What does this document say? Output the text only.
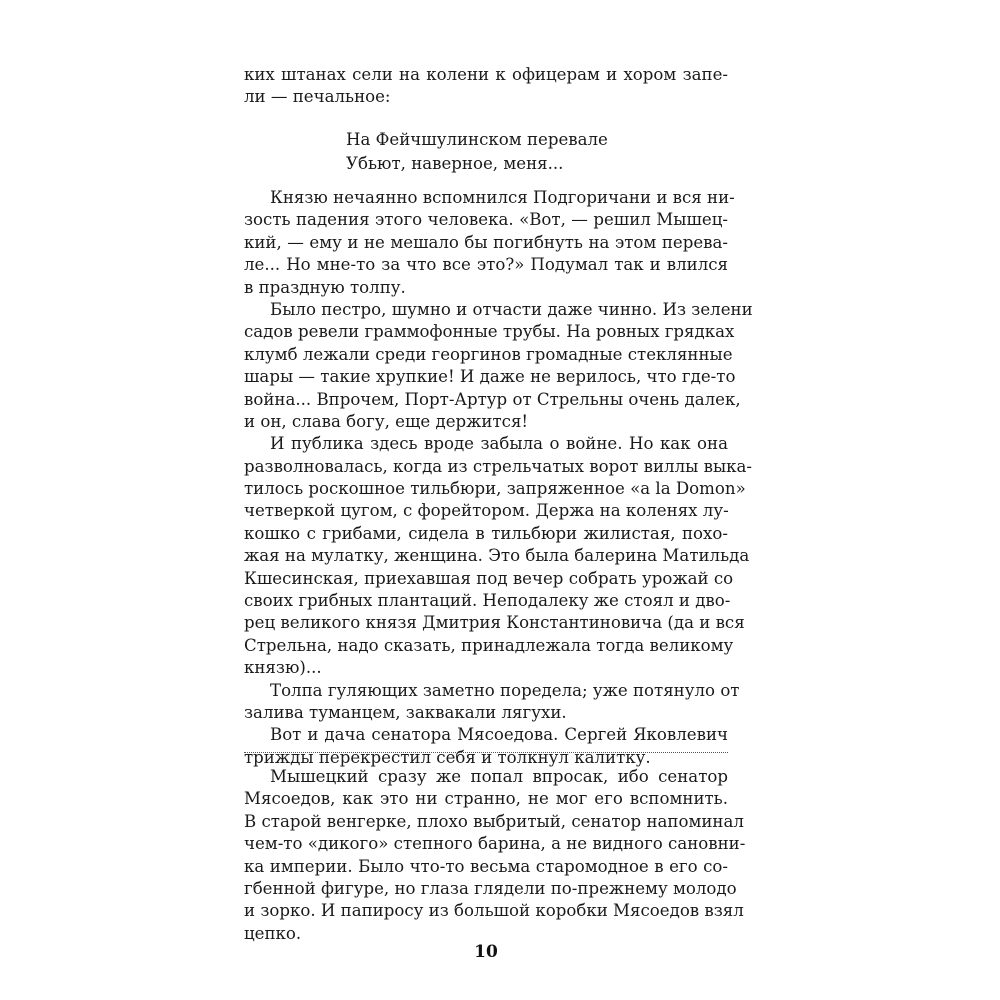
ких штанах сели на колени к офицерам и хором запе-
ли — печальное:
На Фейчшулинском перевале
Убьют, наверное, меня...
Князю нечаянно вспомнился Подгоричани и вся ни-
зость падения этого человека. «Вот, — решил Мышец-
кий, — ему и не мешало бы погибнуть на этом перева-
ле... Но мне-то за что все это?» Подумал так и влился
в праздную толпу.
Было пестро, шумно и отчасти даже чинно. Из зелени
садов ревели граммофонные трубы. На ровных грядках
клумб лежали среди георгинов громадные стеклянные
шары — такие хрупкие! И даже не верилось, что где-то
война... Впрочем, Порт-Артур от Стрельны очень далек,
и он, слава богу, еще держится!
И публика здесь вроде забыла о войне. Но как она
разволновалась, когда из стрельчатых ворот виллы выка-
тилось роскошное тильбюри, запряженное «а la Domon»
четверкой цугом, с форейтором. Держа на коленях лу-
кошко с грибами, сидела в тильбюри жилистая, похо-
жая на мулатку, женщина. Это была балерина Матильда
Кшесинская, приехавшая под вечер собрать урожай со
своих грибных плантаций. Неподалеку же стоял и дво-
рец великого князя Дмитрия Константиновича (да и вся
Стрельна, надо сказать, принадлежала тогда великому
князю)...
Толпа гуляющих заметно поредела; уже потянуло от
залива туманцем, заквакали лягухи.
Вот и дача сенатора Мясоедова. Сергей Яковлевич
трижды перекрестил себя и толкнул калитку.
Мышецкий сразу же попал впросак, ибо сенатор
Мясоедов, как это ни странно, не мог его вспомнить.
В старой венгерке, плохо выбритый, сенатор напоминал
чем-то «дикого» степного барина, а не видного сановни-
ка империи. Было что-то весьма старомодное в его со-
гбенной фигуре, но глаза глядели по-прежнему молодо
и зорко. И папиросу из большой коробки Мясоедов взял
цепко.
10
